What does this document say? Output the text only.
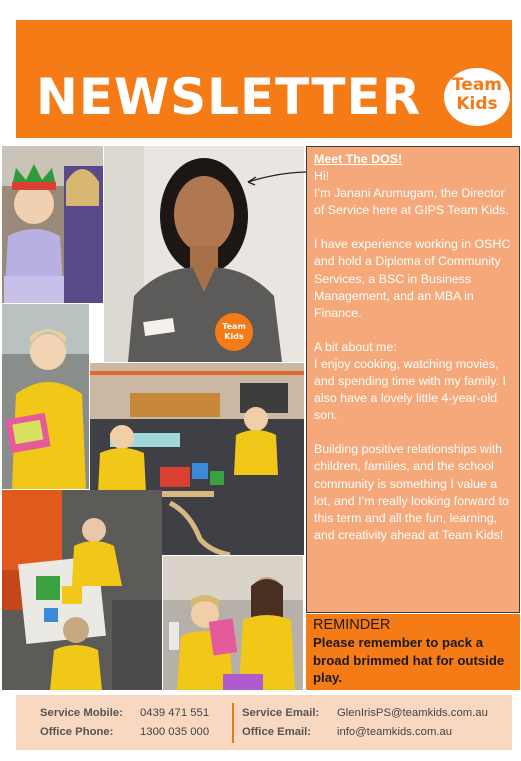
NEWSLETTER	Team
Kids
Team
Kids
Meet The DOS!
Hi!
I’m Janani Arumugam, the Director of Service here at GIPS Team Kids.
I have experience working in OSHC and hold a Diploma of Community Services, a BSC in Business Management, and an MBA in Finance.
A bit about me:
I enjoy cooking, watching movies, and spending time with my family. I also have a lovely little 4-year-old son.
Building positive relationships with children, families, and the school community is something I value a lot, and I’m really looking forward to this term and all the fun, learning, and creativity ahead at Team Kids!
REMINDER
Please remember to pack a broad brimmed hat for outside play.
Service Mobile: 0439 471 551
Office Phone: 1300 035 000
Service Email: GlenIrisPS@teamkids.com.au
Office Email: info@teamkids.com.au
